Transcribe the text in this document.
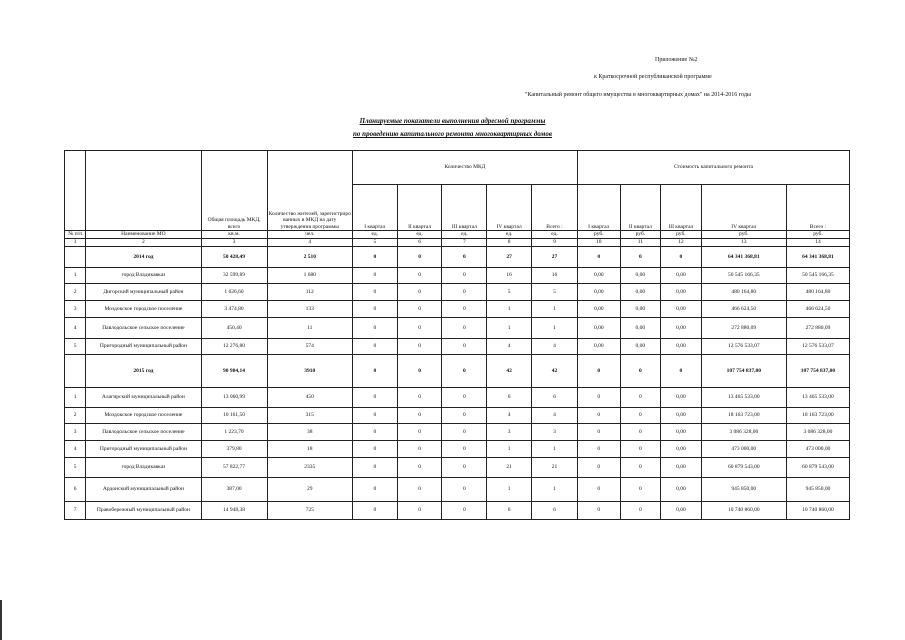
Приложение №2
к Краткосрочной республиканской программе
"Капитальный ремонт общего имущества в многоквартирных домах" на 2014-2016 годы
Планируемые показатели выполнения адресной программы
по проведению капитального ремонта многоквартирных домов
		Общая площадь МКД, всего	Количество жителей, зарегистриро ванных в МКД на дату утверждения программы	Количество МКД					Стоимость капитального ремонта				
				I квартал	II квартал	III квартал	IV квартал	Всего :	I квартал	II квартал	III квартал	IV квартал	Всего :
№ п/п	Наименование МО	кв.м.	чел.	ед.	ед.	ед.	ед.	ед.	руб.	руб.	руб.	руб.	руб.
1	2	3	4	5	6	7	8	9	10	11	12	13	14
	2014 год	50 428,49	2 510	0	0	0	27	27	0	0	0	64 341 368,81	64 341 368,81
1	город Владикавказ	32 599,89	1 680	0	0	0	16	16	0,00	0,00	0,00	50 545 166,35	50 545 166,35
2	Дигорский муниципальный район	1 626,60	112	0	0	0	5	5	0,00	0,00	0,00	480 164,80	480 164,80
3	Моздокское городское поселение	3 474,80	133	0	0	0	1	1	0,00	0,00	0,00	466 624,50	466 624,50
4	Павлодольское сельское поселение	450,40	11	0	0	0	1	1	0,00	0,00	0,00	272 880,09	272 880,09
5	Пригородный муниципальный район	12 276,80	574	0	0	0	4	4	0,00	0,00	0,00	12 576 533,07	12 576 533,07
	2015 год	90 984,14	3910	0	0	0	42	42	0	0	0	107 754 837,00	107 754 837,00
1	Алагирский муниципальный район	13 060,99	450	0	0	0	6	6	0	0	0,00	13 465 533,00	13 465 533,00
2	Моздокское городское поселение	10 161,50	315	0	0	0	4	4	0	0	0,00	18 163 723,00	18 163 723,00
3	Павлодольское сельское поселение	1 223,70	38	0	0	0	3	3	0	0	0,00	3 086 328,00	3 086 328,00
4	Пригородный муниципальный район	379,80	18	0	0	0	1	1	0	0	0,00	473 000,00	473 000,00
5	город Владикавказ	57 822,77	2335	0	0	0	21	21	0	0	0,00	60 879 543,00	60 879 543,00
6	Ардонский муниципальный район	387,00	29	0	0	0	1	1	0	0	0,00	945 850,00	945 850,00
7	Правобережный муниципальный район	14 948,38	725	0	0	0	6	6	0	0	0,00	10 740 860,00	10 740 860,00
